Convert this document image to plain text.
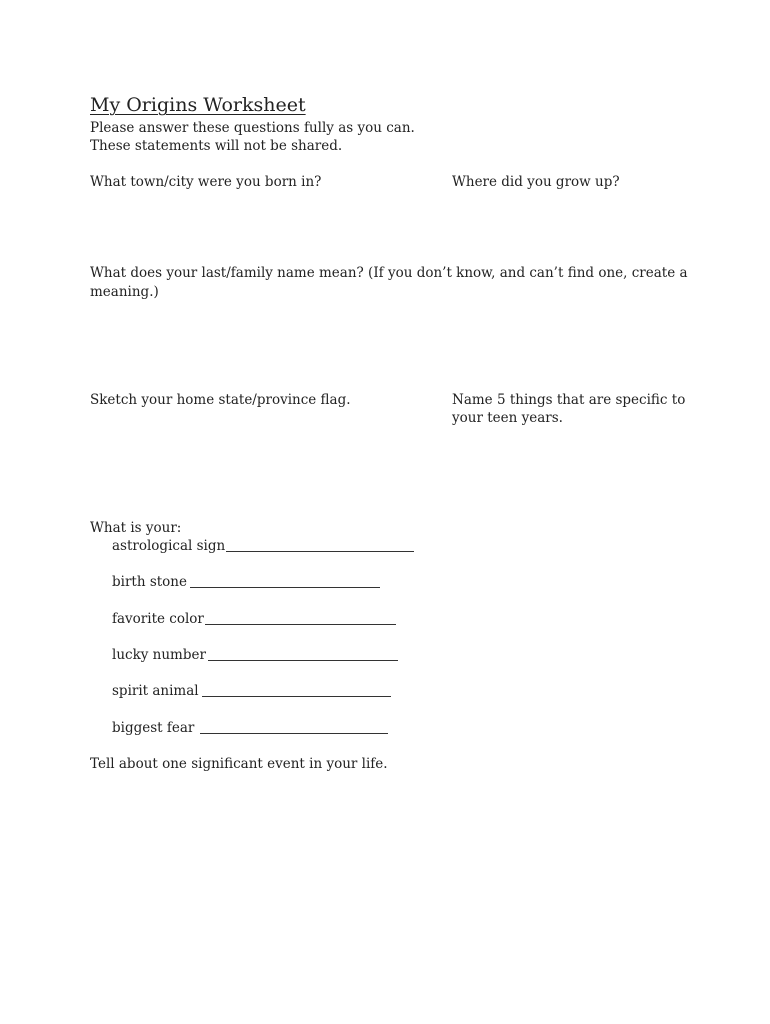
My Origins Worksheet
Please answer these questions fully as you can.
These statements will not be shared.
What town/city were you born in?	Where did you grow up?
What does your last/family name mean? (If you don’t know, and can’t find one, create a
meaning.)
Sketch your home state/province flag.	Name 5 things that are specific to
your teen years.
What is your:
astrological sign
birth stone
favorite color
lucky number
spirit animal
biggest fear
Tell about one significant event in your life.
